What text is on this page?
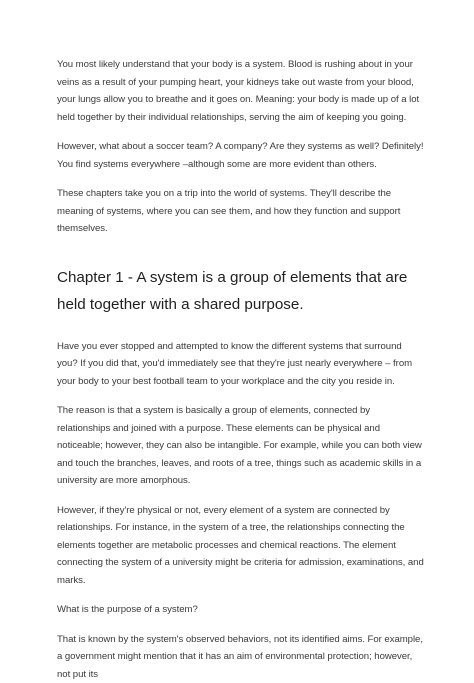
You most likely understand that your body is a system. Blood is rushing about in your veins as a result of your pumping heart, your kidneys take out waste from your blood, your lungs allow you to breathe and it goes on. Meaning: your body is made up of a lot held together by their individual relationships, serving the aim of keeping you going.

However, what about a soccer team? A company? Are they systems as well? Definitely! You find systems everywhere –although some are more evident than others.

These chapters take you on a trip into the world of systems. They'll describe the meaning of systems, where you can see them, and how they function and support themselves.

Chapter 1 - A system is a group of elements that are held together with a shared purpose.

Have you ever stopped and attempted to know the different systems that surround you? If you did that, you'd immediately see that they're just nearly everywhere – from your body to your best football team to your workplace and the city you reside in.

The reason is that a system is basically a group of elements, connected by relationships and joined with a purpose. These elements can be physical and noticeable; however, they can also be intangible. For example, while you can both view and touch the branches, leaves, and roots of a tree, things such as academic skills in a university are more amorphous.

However, if they're physical or not, every element of a system are connected by relationships. For instance, in the system of a tree, the relationships connecting the elements together are metabolic processes and chemical reactions. The element connecting the system of a university might be criteria for admission, examinations, and marks.

What is the purpose of a system?

That is known by the system's observed behaviors, not its identified aims. For example, a government might mention that it has an aim of environmental protection; however, not put its
